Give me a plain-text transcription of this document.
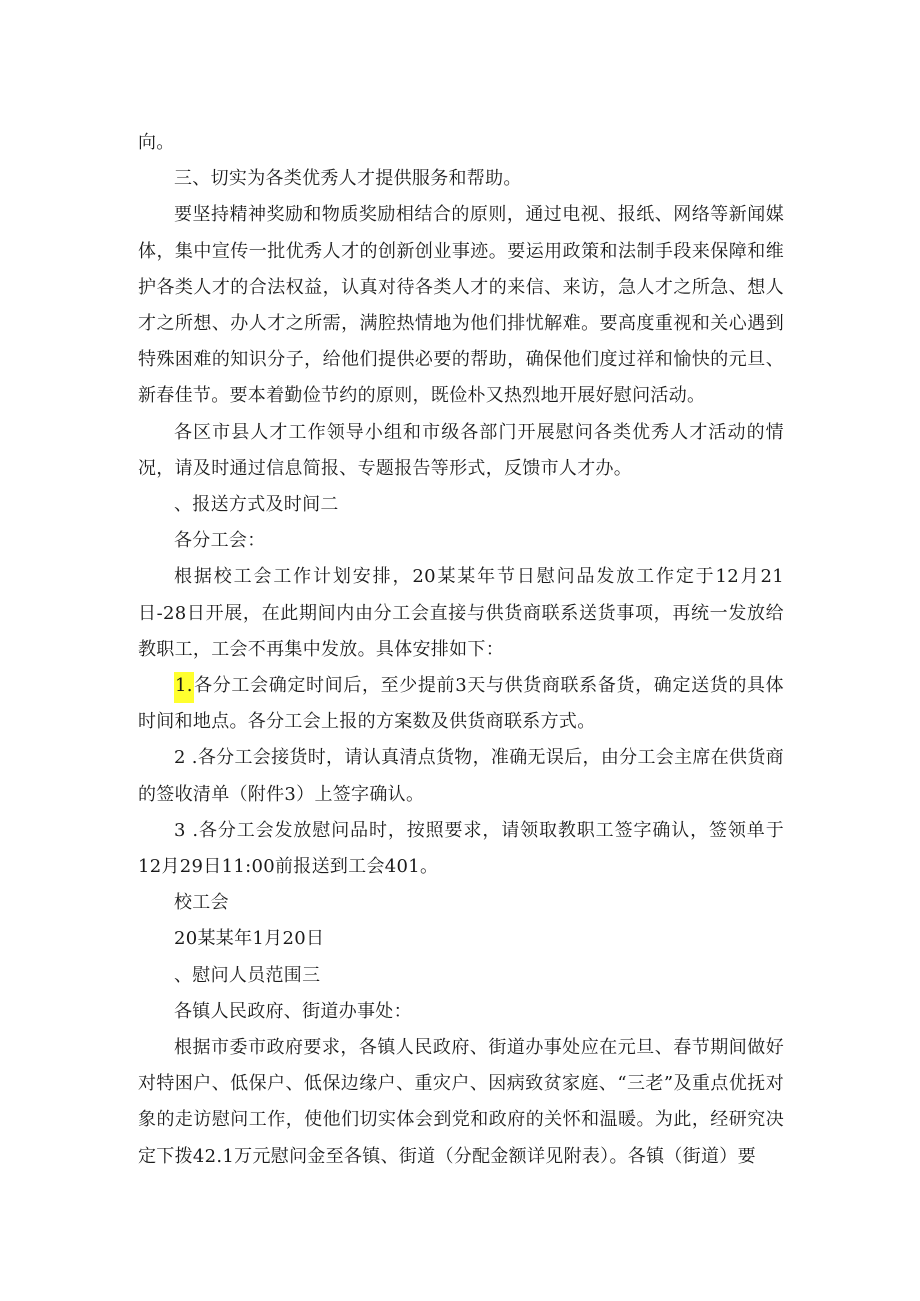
向。

三、切实为各类优秀人才提供服务和帮助。

要坚持精神奖励和物质奖励相结合的原则，通过电视、报纸、网络等新闻媒体，集中宣传一批优秀人才的创新创业事迹。要运用政策和法制手段来保障和维护各类人才的合法权益，认真对待各类人才的来信、来访，急人才之所急、想人才之所想、办人才之所需，满腔热情地为他们排忧解难。要高度重视和关心遇到特殊困难的知识分子，给他们提供必要的帮助，确保他们度过祥和愉快的元旦、新春佳节。要本着勤俭节约的原则，既俭朴又热烈地开展好慰问活动。

各区市县人才工作领导小组和市级各部门开展慰问各类优秀人才活动的情况，请及时通过信息简报、专题报告等形式，反馈市人才办。

、报送方式及时间二

各分工会：

根据校工会工作计划安排，20某某年节日慰问品发放工作定于12月21日-28日开展，在此期间内由分工会直接与供货商联系送货事项，再统一发放给教职工，工会不再集中发放。具体安排如下：

1.各分工会确定时间后，至少提前3天与供货商联系备货，确定送货的具体时间和地点。各分工会上报的方案数及供货商联系方式。

2 .各分工会接货时，请认真清点货物，准确无误后，由分工会主席在供货商的签收清单（附件3）上签字确认。

3 .各分工会发放慰问品时，按照要求，请领取教职工签字确认，签领单于12月29日11:00前报送到工会401。

校工会

20某某年1月20日

、慰问人员范围三

各镇人民政府、街道办事处：

根据市委市政府要求，各镇人民政府、街道办事处应在元旦、春节期间做好对特困户、低保户、低保边缘户、重灾户、因病致贫家庭、“三老”及重点优抚对象的走访慰问工作，使他们切实体会到党和政府的关怀和温暖。为此，经研究决定下拨42.1万元慰问金至各镇、街道（分配金额详见附表）。各镇（街道）要
